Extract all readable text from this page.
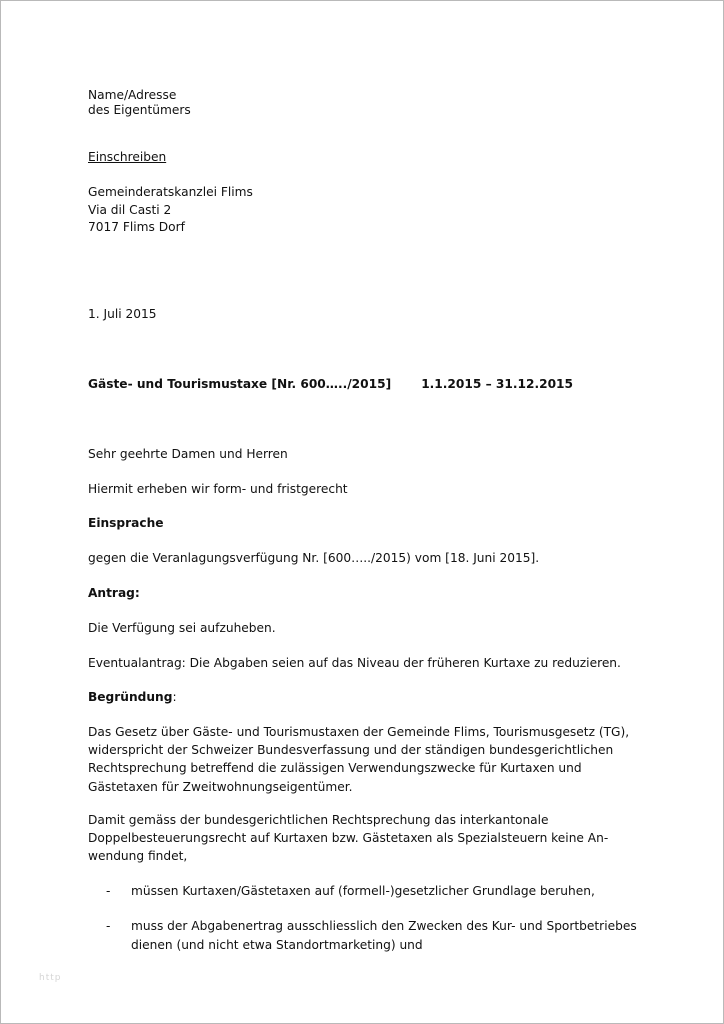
Name/Adresse
des Eigentümers
Einschreiben
Gemeinderatskanzlei Flims
Via dil Casti 2
7017 Flims Dorf
1. Juli 2015
Gäste- und Tourismustaxe [Nr. 600…../2015] 1.1.2015 – 31.12.2015
Sehr geehrte Damen und Herren
Hiermit erheben wir form- und fristgerecht
Einsprache
gegen die Veranlagungsverfügung Nr. [600…../2015) vom [18. Juni 2015].
Antrag:
Die Verfügung sei aufzuheben.
Eventualantrag: Die Abgaben seien auf das Niveau der früheren Kurtaxe zu reduzieren.
Begründung:
Das Gesetz über Gäste- und Tourismustaxen der Gemeinde Flims, Tourismusgesetz (TG),
widerspricht der Schweizer Bundesverfassung und der ständigen bundesgerichtlichen
Rechtsprechung betreffend die zulässigen Verwendungszwecke für Kurtaxen und
Gästetaxen für Zweitwohnungseigentümer.
Damit gemäss der bundesgerichtlichen Rechtsprechung das interkantonale
Doppelbesteuerungsrecht auf Kurtaxen bzw. Gästetaxen als Spezialsteuern keine An-
wendung findet,
- müssen Kurtaxen/Gästetaxen auf (formell-)gesetzlicher Grundlage beruhen,
- muss der Abgabenertrag ausschliesslich den Zwecken des Kur- und Sportbetriebes
dienen (und nicht etwa Standortmarketing) und
http
